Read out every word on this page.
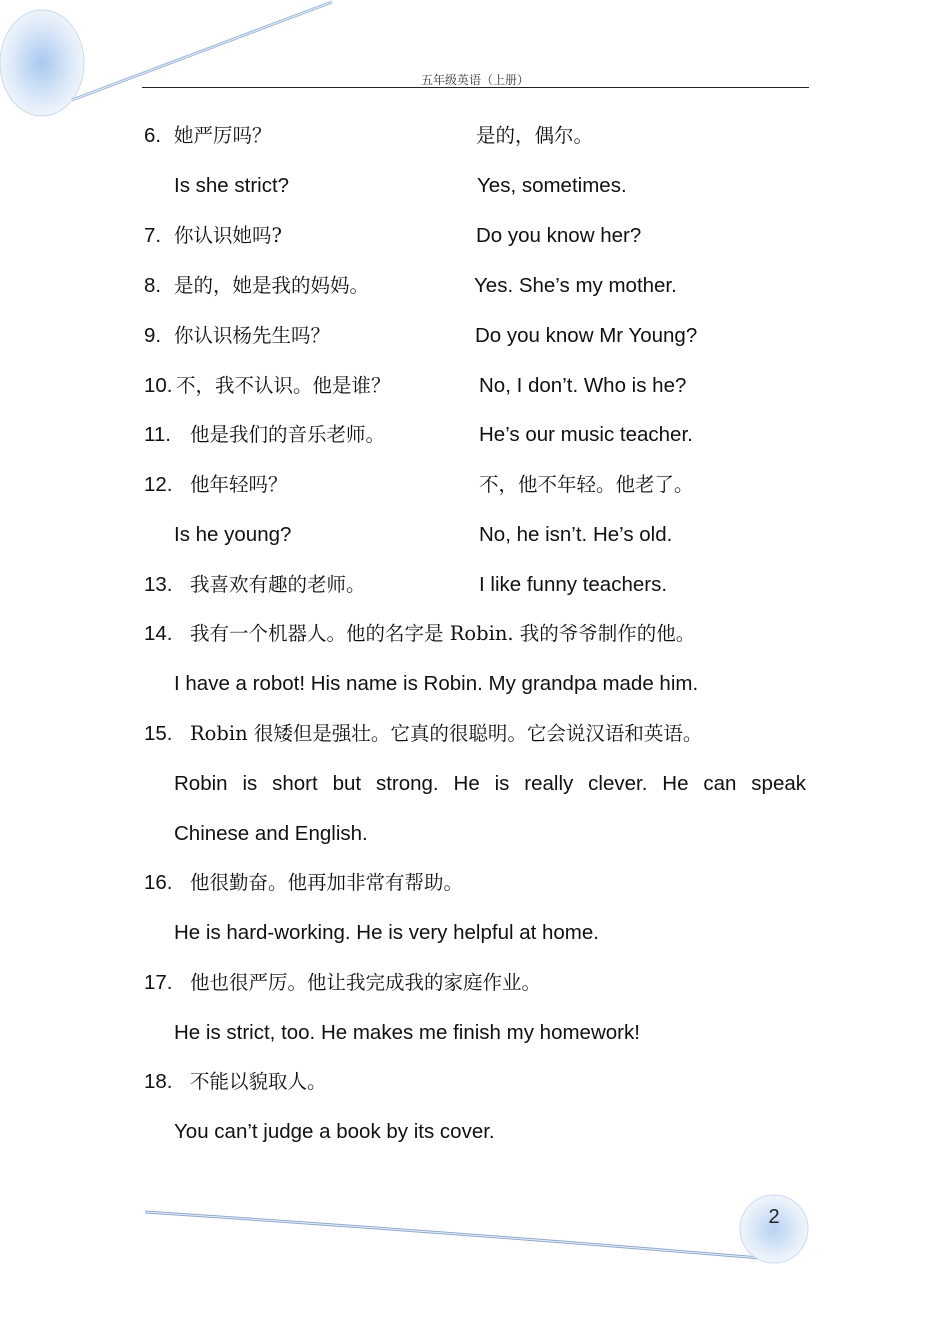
五年级英语（上册）
6. 她严厉吗？	是的，偶尔。
Is she strict?	Yes, sometimes.
7. 你认识她吗?	Do you know her?
8. 是的，她是我的妈妈。	Yes. She’s my mother.
9. 你认识杨先生吗？	Do you know Mr Young?
10. 不，我不认识。他是谁？	No, I don’t. Who is he?
11. 他是我们的音乐老师。	He’s our music teacher.
12. 他年轻吗？	不，他不年轻。他老了。
Is he young?	No, he isn’t. He’s old.
13. 我喜欢有趣的老师。	I like funny teachers.
14. 我有一个机器人。他的名字是 Robin. 我的爷爷制作的他。
I have a robot! His name is Robin. My grandpa made him.
15. Robin 很矮但是强壮。它真的很聪明。它会说汉语和英语。
Robin is short but strong. He is really clever. He can speak
Chinese and English.
16. 他很勤奋。他再加非常有帮助。
He is hard-working. He is very helpful at home.
17. 他也很严厉。他让我完成我的家庭作业。
He is strict, too. He makes me finish my homework!
18. 不能以貌取人。
You can’t judge a book by its cover.
2
